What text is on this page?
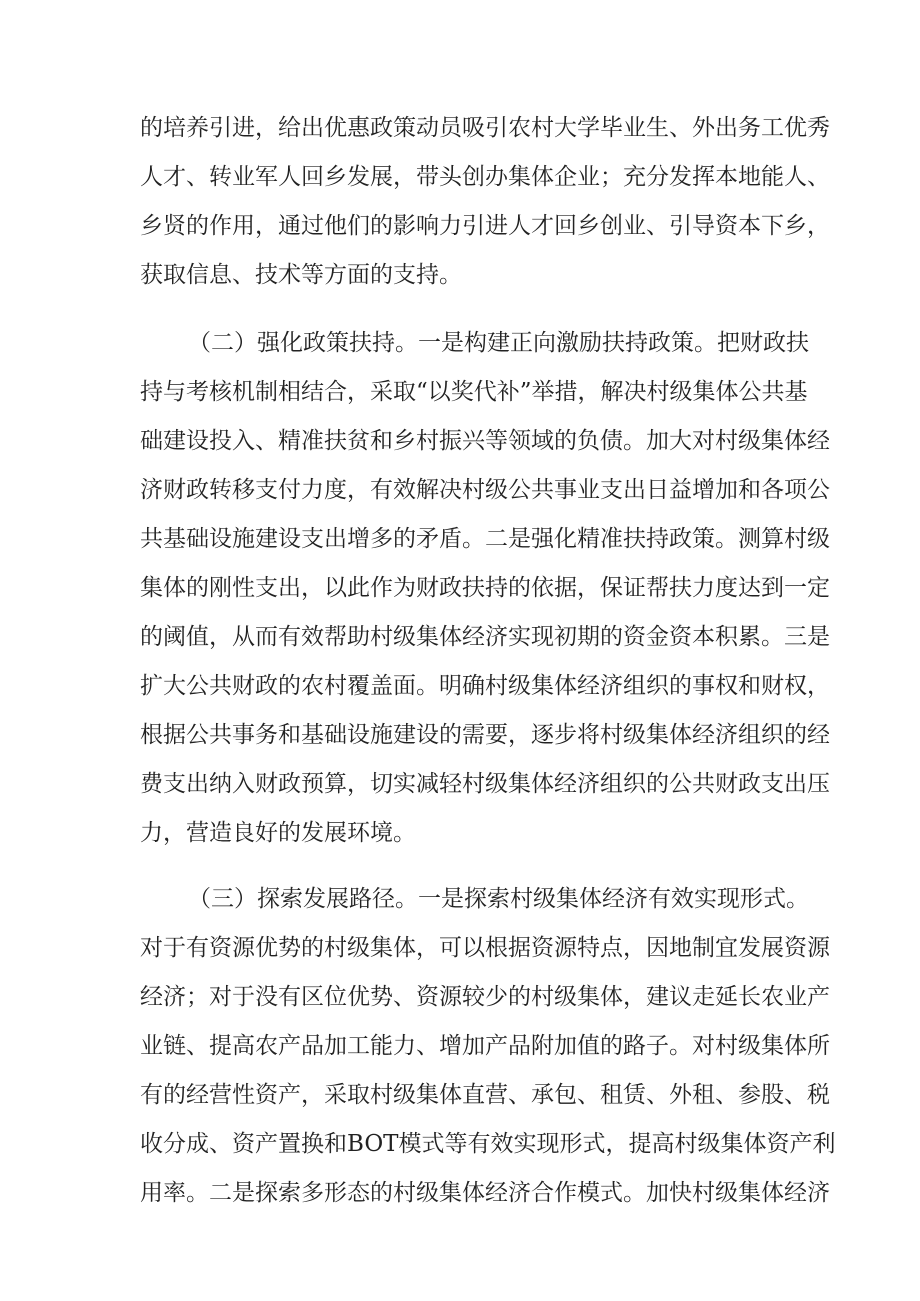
的培养引进，给出优惠政策动员吸引农村大学毕业生、外出务工优秀
人才、转业军人回乡发展，带头创办集体企业；充分发挥本地能人、
乡贤的作用，通过他们的影响力引进人才回乡创业、引导资本下乡，
获取信息、技术等方面的支持。
（二）强化政策扶持。一是构建正向激励扶持政策。把财政扶
持与考核机制相结合，采取“以奖代补”举措，解决村级集体公共基
础建设投入、精准扶贫和乡村振兴等领域的负债。加大对村级集体经
济财政转移支付力度，有效解决村级公共事业支出日益增加和各项公
共基础设施建设支出增多的矛盾。二是强化精准扶持政策。测算村级
集体的刚性支出，以此作为财政扶持的依据，保证帮扶力度达到一定
的阈值，从而有效帮助村级集体经济实现初期的资金资本积累。三是
扩大公共财政的农村覆盖面。明确村级集体经济组织的事权和财权，
根据公共事务和基础设施建设的需要，逐步将村级集体经济组织的经
费支出纳入财政预算，切实减轻村级集体经济组织的公共财政支出压
力，营造良好的发展环境。
（三）探索发展路径。一是探索村级集体经济有效实现形式。
对于有资源优势的村级集体，可以根据资源特点，因地制宜发展资源
经济；对于没有区位优势、资源较少的村级集体，建议走延长农业产
业链、提高农产品加工能力、增加产品附加值的路子。对村级集体所
有的经营性资产，采取村级集体直营、承包、租赁、外租、参股、税
收分成、资产置换和BOT模式等有效实现形式，提高村级集体资产利
用率。二是探索多形态的村级集体经济合作模式。加快村级集体经济
